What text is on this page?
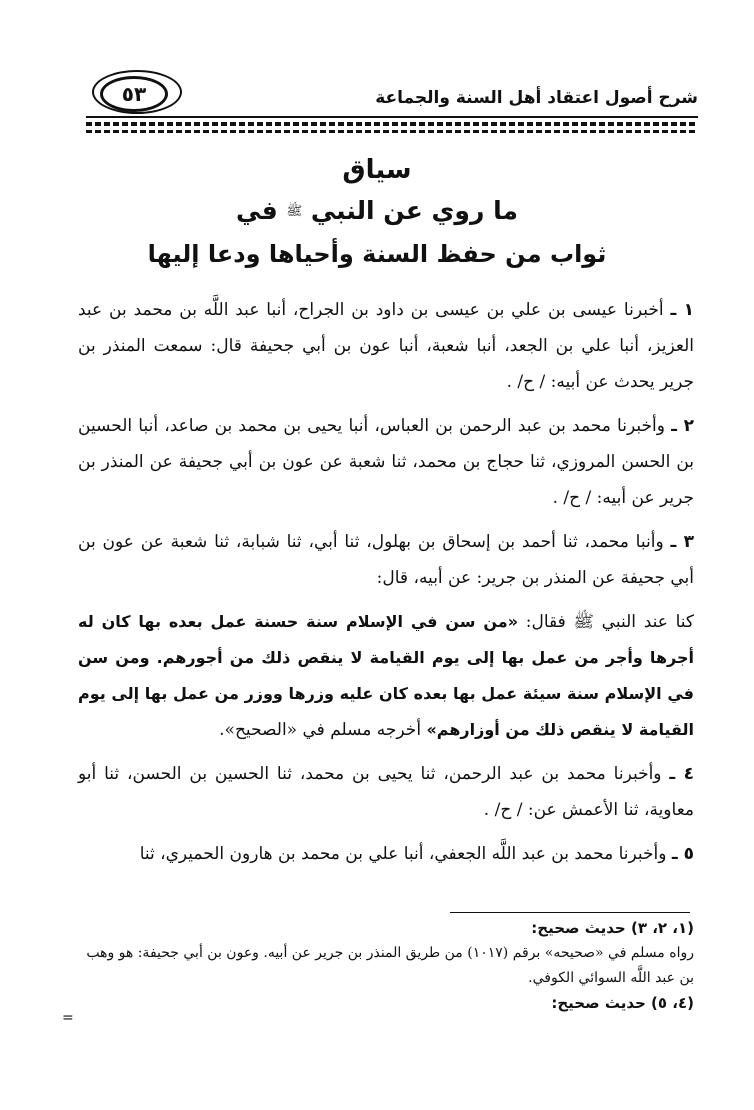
٥٣	شرح أصول اعتقاد أهل السنة والجماعة
سياق
ما روي عن النبي ﷺ في
ثواب من حفظ السنة وأحياها ودعا إليها

١ ـ أخبرنا عيسى بن علي بن عيسى بن داود بن الجراح، أنبا عبد اللَّه بن محمد بن عبد العزيز، أنبا علي بن الجعد، أنبا شعبة، أنبا عون بن أبي جحيفة قال: سمعت المنذر بن جرير يحدث عن أبيه: / ح/ .

٢ ـ وأخبرنا محمد بن عبد الرحمن بن العباس، أنبا يحيى بن محمد بن صاعد، أنبا الحسين بن الحسن المروزي، ثنا حجاج بن محمد، ثنا شعبة عن عون بن أبي جحيفة عن المنذر بن جرير عن أبيه: / ح/ .

٣ ـ وأنبا محمد، ثنا أحمد بن إسحاق بن بهلول، ثنا أبي، ثنا شبابة، ثنا شعبة عن عون بن أبي جحيفة عن المنذر بن جرير: عن أبيه، قال:

كنا عند النبي ﷺ فقال: «من سن في الإسلام سنة حسنة عمل بعده بها كان له أجرها وأجر من عمل بها إلى يوم القيامة لا ينقص ذلك من أجورهم. ومن سن في الإسلام سنة سيئة عمل بها بعده كان عليه وزرها ووزر من عمل بها إلى يوم القيامة لا ينقص ذلك من أوزارهم» أخرجه مسلم في «الصحيح».

٤ ـ وأخبرنا محمد بن عبد الرحمن، ثنا يحيى بن محمد، ثنا الحسين بن الحسن، ثنا أبو معاوية، ثنا الأعمش عن: / ح/ .

٥ ـ وأخبرنا محمد بن عبد اللَّه الجعفي، أنبا علي بن محمد بن هارون الحميري، ثنا

(١، ٢، ٣) حديث صحيح:

رواه مسلم في «صحيحه» برقم (١٠١٧) من طريق المنذر بن جرير عن أبيه. وعون بن أبي جحيفة: هو وهب بن عبد اللَّه السوائي الكوفي.

(٤، ٥) حديث صحيح:

=
